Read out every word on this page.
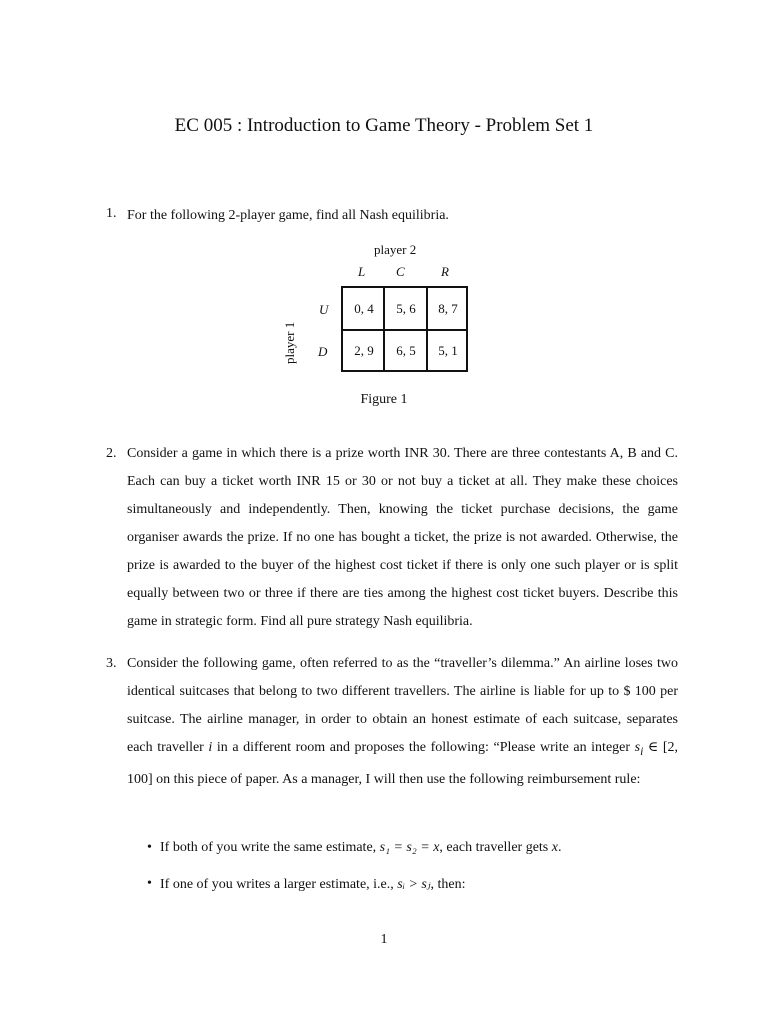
EC 005 : Introduction to Game Theory - Problem Set 1
1. For the following 2-player game, find all Nash equilibria.

player 2
L C	R
player 1
U
D
0, 4	5, 6	8, 7
2, 9	6, 5	5, 1
Figure 1
2. Consider a game in which there is a prize worth INR 30. There are three contestants A, B and C. Each can buy a ticket worth INR 15 or 30 or not buy a ticket at all. They make these choices simultaneously and independently. Then, knowing the ticket purchase decisions, the game organiser awards the prize. If no one has bought a ticket, the prize is not awarded. Otherwise, the prize is awarded to the buyer of the highest cost ticket if there is only one such player or is split equally between two or three if there are ties among the highest cost ticket buyers. Describe this game in strategic form. Find all pure strategy Nash equilibria.

3. Consider the following game, often referred to as the “traveller’s dilemma.” An airline loses two identical suitcases that belong to two different travellers. The airline is liable for up to $ 100 per suitcase. The airline manager, in order to obtain an honest estimate of each suitcase, separates each traveller i in a different room and proposes the following: “Please write an integer $s_i$ ∈ [2, 100] on this piece of paper. As a manager, I will then use the following reimbursement rule:

• If both of you write the same estimate, s₁ = s₂ = x, each traveller gets x.
• If one of you writes a larger estimate, i.e., sᵢ > sⱼ, then:
1
